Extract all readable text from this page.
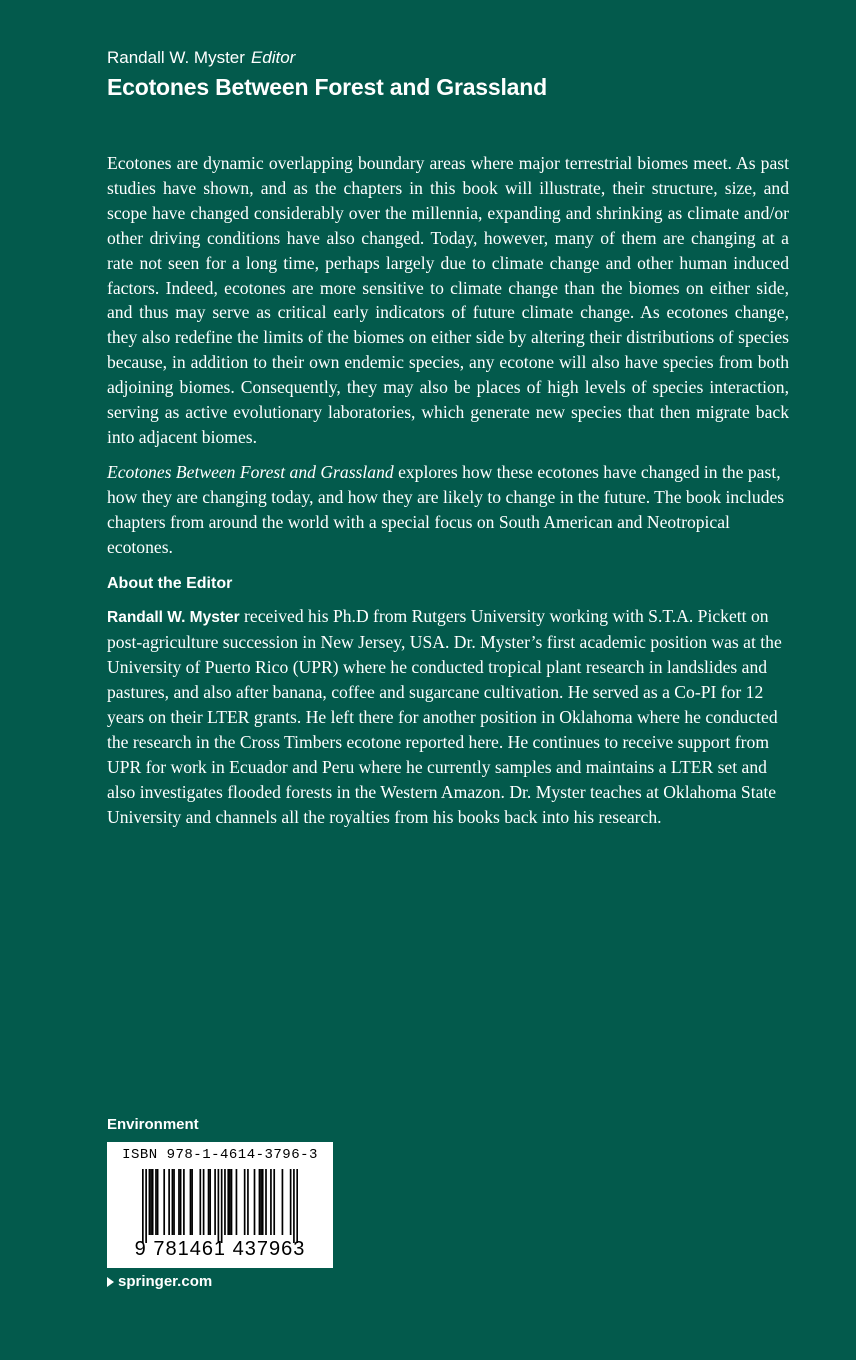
Randall W. Myster Editor
Ecotones Between Forest and Grassland

Ecotones are dynamic overlapping boundary areas where major terrestrial biomes meet. As past studies have shown, and as the chapters in this book will illustrate, their structure, size, and scope have changed considerably over the millennia, expanding and shrinking as climate and/or other driving conditions have also changed. Today, however, many of them are changing at a rate not seen for a long time, perhaps largely due to climate change and other human induced factors. Indeed, ecotones are more sensitive to climate change than the biomes on either side, and thus may serve as critical early indicators of future climate change. As ecotones change, they also redefine the limits of the biomes on either side by altering their distributions of species because, in addition to their own endemic species, any ecotone will also have species from both adjoining biomes. Consequently, they may also be places of high levels of species interaction, serving as active evolutionary laboratories, which generate new species that then migrate back into adjacent biomes.

Ecotones Between Forest and Grassland explores how these ecotones have changed in the past, how they are changing today, and how they are likely to change in the future. The book includes chapters from around the world with a special focus on South American and Neotropical ecotones.

About the Editor

Randall W. Myster received his Ph.D from Rutgers University working with S.T.A. Pickett on post-agriculture succession in New Jersey, USA. Dr. Myster’s first academic position was at the University of Puerto Rico (UPR) where he conducted tropical plant research in landslides and pastures, and also after banana, coffee and sugarcane cultivation. He served as a Co-PI for 12 years on their LTER grants. He left there for another position in Oklahoma where he conducted the research in the Cross Timbers ecotone reported here. He continues to receive support from UPR for work in Ecuador and Peru where he currently samples and maintains a LTER set and also investigates flooded forests in the Western Amazon. Dr. Myster teaches at Oklahoma State University and channels all the royalties from his books back into his research.

Environment
ISBN 978-1-4614-3796-3
9 781461 437963
springer.com
